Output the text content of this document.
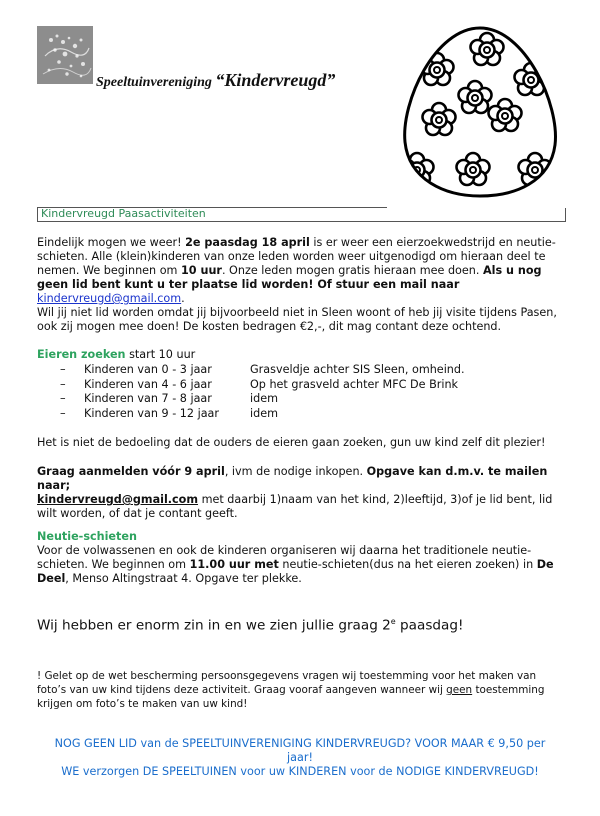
Speeltuinvereniging “Kindervreugd”
Kindervreugd Paasactiviteiten
Eindelijk mogen we weer! 2e paasdag 18 april is er weer een eierzoekwedstrijd en neutie-schieten. Alle (klein)kinderen van onze leden worden weer uitgenodigd om hieraan deel te nemen. We beginnen om 10 uur. Onze leden mogen gratis hieraan mee doen. Als u nog geen lid bent kunt u ter plaatse lid worden! Of stuur een mail naar kindervreugd@gmail.com.
Wil jij niet lid worden omdat jij bijvoorbeeld niet in Sleen woont of heb jij visite tijdens Pasen, ook zij mogen mee doen! De kosten bedragen €2,-, dit mag contant deze ochtend.
Eieren zoeken start 10 uur
– Kinderen van 0 - 3 jaar	Grasveldje achter SIS Sleen, omheind.
– Kinderen van 4 - 6 jaar	Op het grasveld achter MFC De Brink
– Kinderen van 7 - 8 jaar	idem
– Kinderen van 9 - 12 jaar	idem
Het is niet de bedoeling dat de ouders de eieren gaan zoeken, gun uw kind zelf dit plezier!
Graag aanmelden vóór 9 april, ivm de nodige inkopen. Opgave kan d.m.v. te mailen naar;
kindervreugd@gmail.com met daarbij 1)naam van het kind, 2)leeftijd, 3)of je lid bent, lid wilt worden, of dat je contant geeft.
Neutie-schieten
Voor de volwassenen en ook de kinderen organiseren wij daarna het traditionele neutie-schieten. We beginnen om 11.00 uur met neutie-schieten(dus na het eieren zoeken) in De Deel, Menso Altingstraat 4. Opgave ter plekke.
Wij hebben er enorm zin in en we zien jullie graag 2e paasdag!
! Gelet op de wet bescherming persoonsgegevens vragen wij toestemming voor het maken van foto’s van uw kind tijdens deze activiteit. Graag vooraf aangeven wanneer wij geen toestemming krijgen om foto’s te maken van uw kind!
NOG GEEN LID van de SPEELTUINVERENIGING KINDERVREUGD? VOOR MAAR € 9,50 per jaar!
WE verzorgen DE SPEELTUINEN voor uw KINDEREN voor de NODIGE KINDERVREUGD!
